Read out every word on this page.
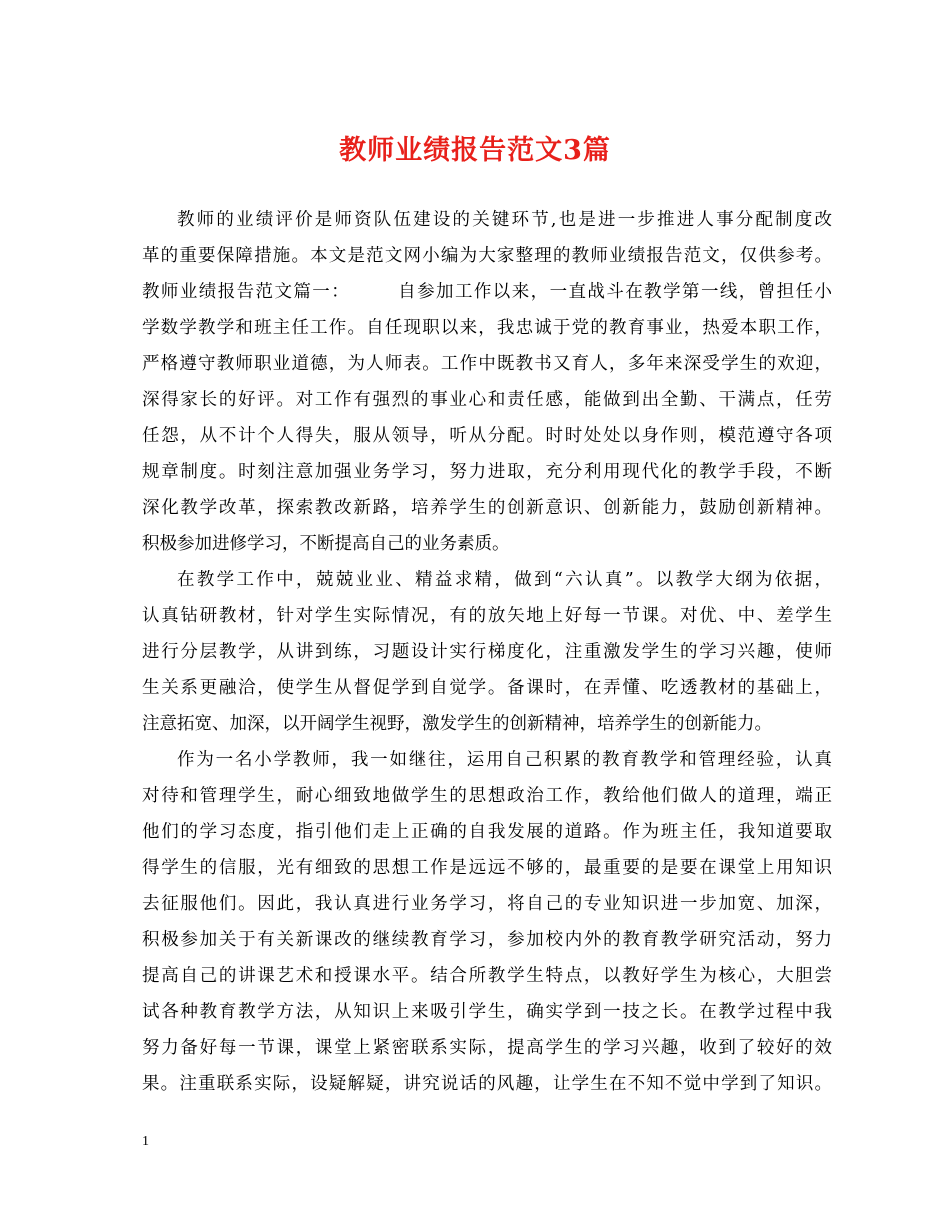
教师业绩报告范文3篇

教师的业绩评价是师资队伍建设的关键环节,也是进一步推进人事分配制度改

革的重要保障措施。本文是范文网小编为大家整理的教师业绩报告范文，仅供参考。

教师业绩报告范文篇一：　　　自参加工作以来，一直战斗在教学第一线，曾担任小

学数学教学和班主任工作。自任现职以来，我忠诚于党的教育事业，热爱本职工作，

严格遵守教师职业道德，为人师表。工作中既教书又育人，多年来深受学生的欢迎，

深得家长的好评。对工作有强烈的事业心和责任感，能做到出全勤、干满点，任劳

任怨，从不计个人得失，服从领导，听从分配。时时处处以身作则，模范遵守各项

规章制度。时刻注意加强业务学习，努力进取，充分利用现代化的教学手段，不断

深化教学改革，探索教改新路，培养学生的创新意识、创新能力，鼓励创新精神。

积极参加进修学习，不断提高自己的业务素质。

在教学工作中，兢兢业业、精益求精，做到“六认真”。以教学大纲为依据，

认真钻研教材，针对学生实际情况，有的放矢地上好每一节课。对优、中、差学生

进行分层教学，从讲到练，习题设计实行梯度化，注重激发学生的学习兴趣，使师

生关系更融洽，使学生从督促学到自觉学。备课时，在弄懂、吃透教材的基础上，

注意拓宽、加深，以开阔学生视野，激发学生的创新精神，培养学生的创新能力。

作为一名小学教师，我一如继往，运用自己积累的教育教学和管理经验，认真

对待和管理学生，耐心细致地做学生的思想政治工作，教给他们做人的道理，端正

他们的学习态度，指引他们走上正确的自我发展的道路。作为班主任，我知道要取

得学生的信服，光有细致的思想工作是远远不够的，最重要的是要在课堂上用知识

去征服他们。因此，我认真进行业务学习，将自己的专业知识进一步加宽、加深，

积极参加关于有关新课改的继续教育学习，参加校内外的教育教学研究活动，努力

提高自己的讲课艺术和授课水平。结合所教学生特点，以教好学生为核心，大胆尝

试各种教育教学方法，从知识上来吸引学生，确实学到一技之长。在教学过程中我

努力备好每一节课，课堂上紧密联系实际，提高学生的学习兴趣，收到了较好的效

果。注重联系实际，设疑解疑，讲究说话的风趣，让学生在不知不觉中学到了知识。

1
